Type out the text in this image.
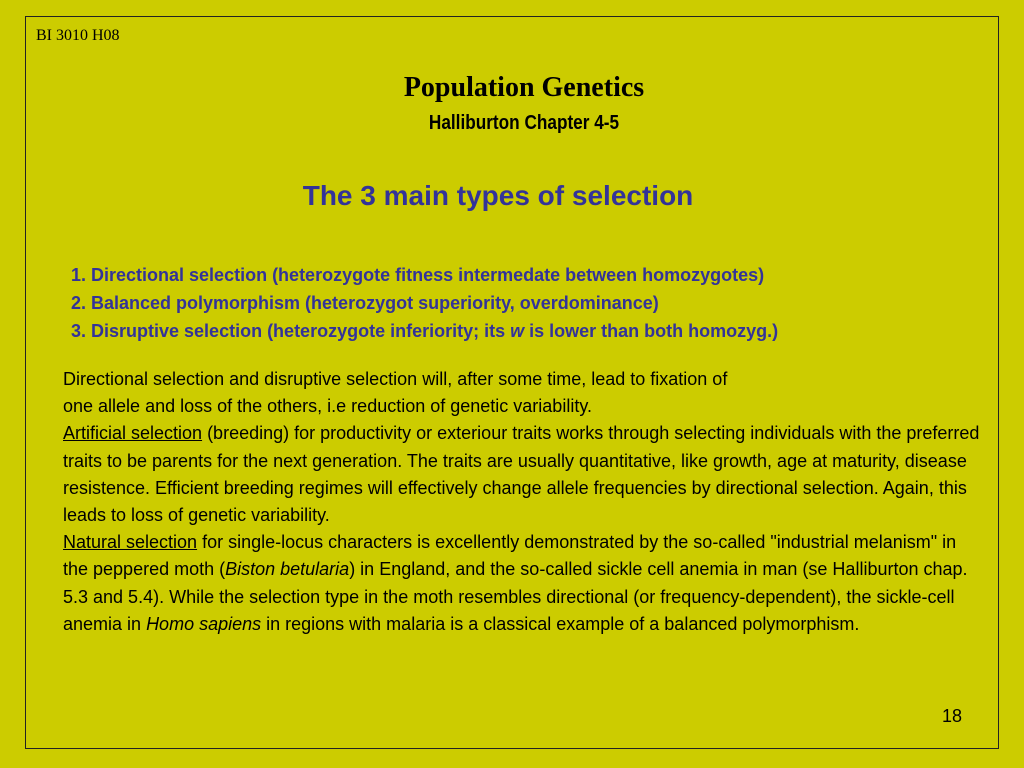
BI 3010 H08
Population Genetics
Halliburton Chapter 4-5
The 3 main types of selection
1. Directional selection (heterozygote fitness intermedate between homozygotes)
2. Balanced polymorphism (heterozygot superiority, overdominance)
3. Disruptive selection (heterozygote inferiority; its w is lower than both homozyg.)

Directional selection and disruptive selection will, after some time, lead to fixation of
one allele and loss of the others, i.e reduction of genetic variability.

Artificial selection (breeding) for productivity or exteriour traits works through selecting individuals with the preferred traits to be parents for the next generation. The traits are usually quantitative, like growth, age at maturity, disease resistence. Efficient breeding regimes will effectively change allele frequencies by directional selection. Again, this leads to loss of genetic variability.

Natural selection for single-locus characters is excellently demonstrated by the so-called "industrial melanism" in the peppered moth (Biston betularia) in England, and the so-called sickle cell anemia in man (se Halliburton chap. 5.3 and 5.4). While the selection type in the moth resembles directional (or frequency-dependent), the sickle-cell anemia in Homo sapiens in regions with malaria is a classical example of a balanced polymorphism.

18
